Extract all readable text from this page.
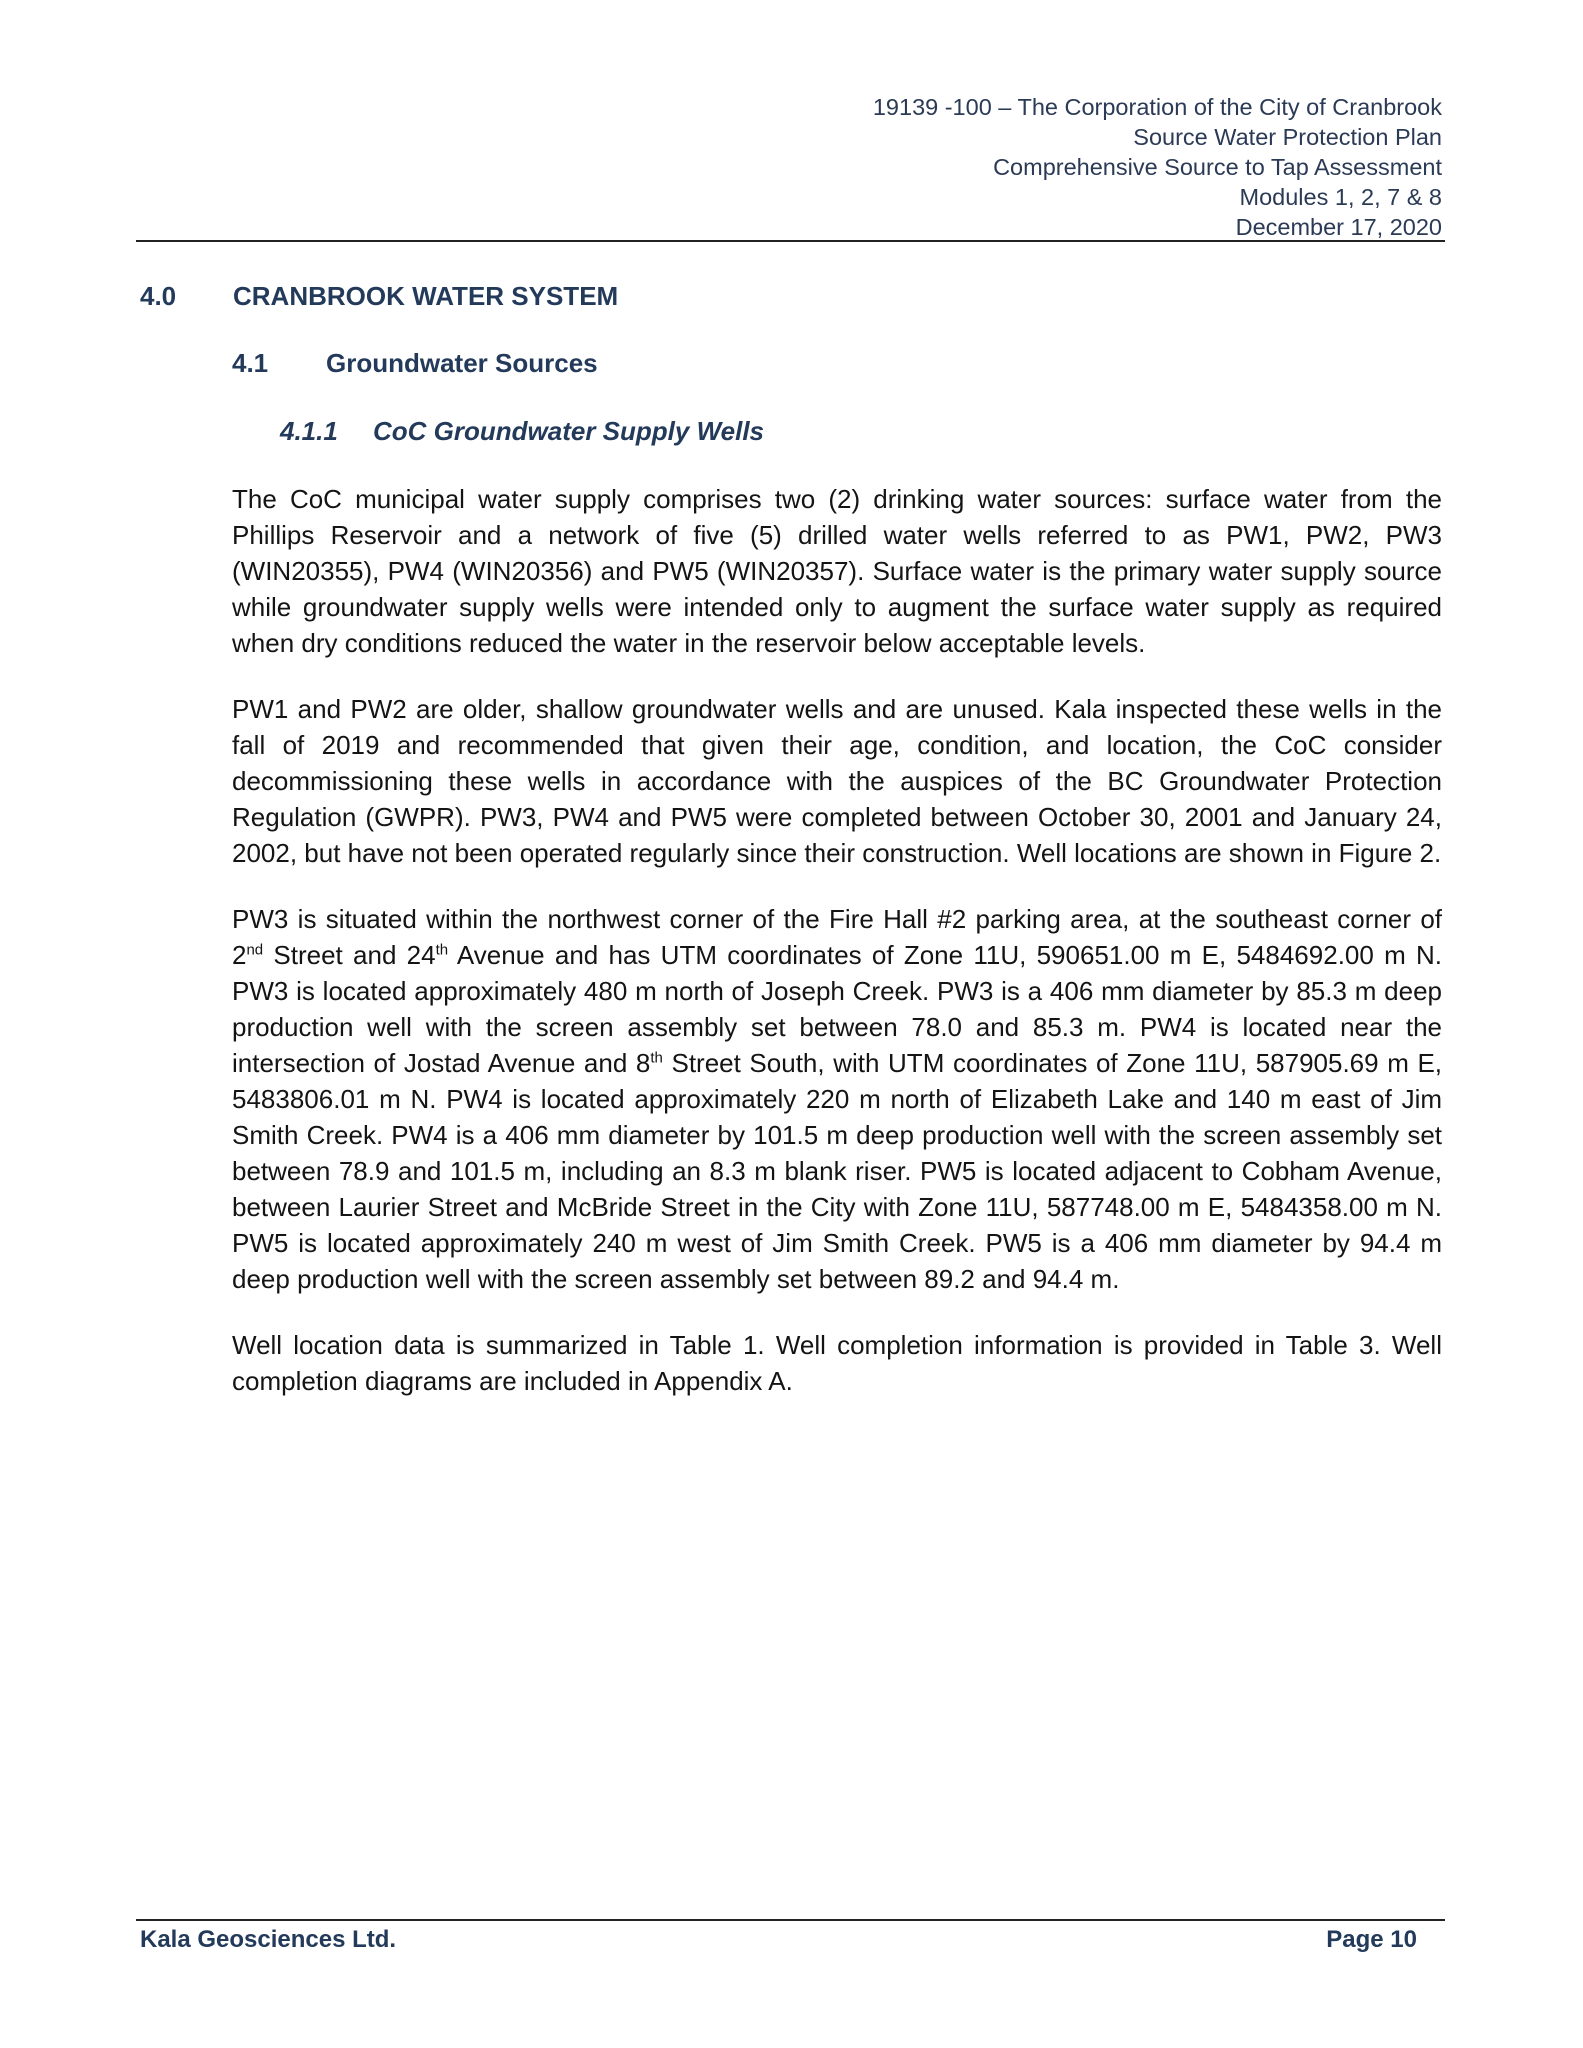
19139 -100 – The Corporation of the City of Cranbrook
Source Water Protection Plan
Comprehensive Source to Tap Assessment
Modules 1, 2, 7 & 8
December 17, 2020
4.0 CRANBROOK WATER SYSTEM
4.1 Groundwater Sources
4.1.1 CoC Groundwater Supply Wells

The CoC municipal water supply comprises two (2) drinking water sources: surface water from the Phillips Reservoir and a network of five (5) drilled water wells referred to as PW1, PW2, PW3 (WIN20355), PW4 (WIN20356) and PW5 (WIN20357). Surface water is the primary water supply source while groundwater supply wells were intended only to augment the surface water supply as required when dry conditions reduced the water in the reservoir below acceptable levels.

PW1 and PW2 are older, shallow groundwater wells and are unused. Kala inspected these wells in the fall of 2019 and recommended that given their age, condition, and location, the CoC consider decommissioning these wells in accordance with the auspices of the BC Groundwater Protection Regulation (GWPR). PW3, PW4 and PW5 were completed between October 30, 2001 and January 24, 2002, but have not been operated regularly since their construction. Well locations are shown in Figure 2.

PW3 is situated within the northwest corner of the Fire Hall #2 parking area, at the southeast corner of 2nd Street and 24th Avenue and has UTM coordinates of Zone 11U, 590651.00 m E, 5484692.00 m N. PW3 is located approximately 480 m north of Joseph Creek. PW3 is a 406 mm diameter by 85.3 m deep production well with the screen assembly set between 78.0 and 85.3 m. PW4 is located near the intersection of Jostad Avenue and 8th Street South, with UTM coordinates of Zone 11U, 587905.69 m E, 5483806.01 m N. PW4 is located approximately 220 m north of Elizabeth Lake and 140 m east of Jim Smith Creek. PW4 is a 406 mm diameter by 101.5 m deep production well with the screen assembly set between 78.9 and 101.5 m, including an 8.3 m blank riser. PW5 is located adjacent to Cobham Avenue, between Laurier Street and McBride Street in the City with Zone 11U, 587748.00 m E, 5484358.00 m N. PW5 is located approximately 240 m west of Jim Smith Creek. PW5 is a 406 mm diameter by 94.4 m deep production well with the screen assembly set between 89.2 and 94.4 m.

Well location data is summarized in Table 1. Well completion information is provided in Table 3. Well completion diagrams are included in Appendix A.

Kala Geosciences Ltd.	Page 10
